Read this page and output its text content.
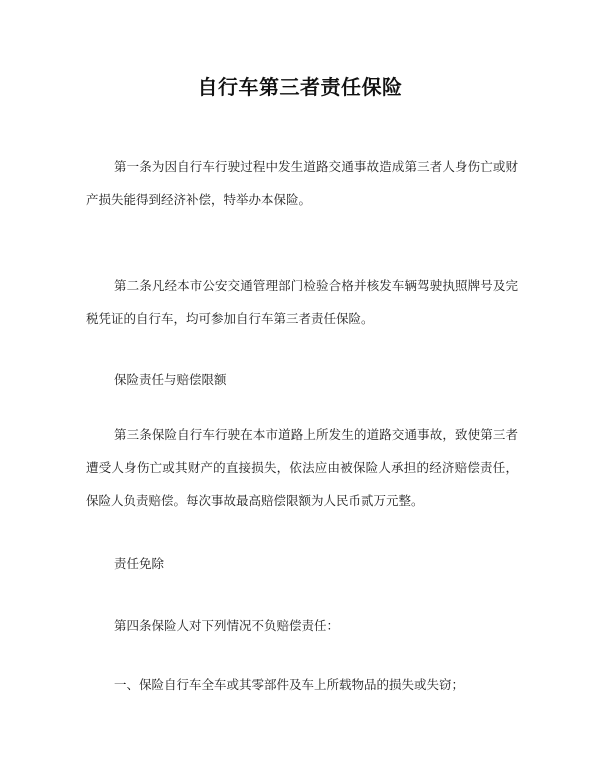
自行车第三者责任保险

第一条为因自行车行驶过程中发生道路交通事故造成第三者人身伤亡或财产损失能得到经济补偿，特举办本保险。

第二条凡经本市公安交通管理部门检验合格并核发车辆驾驶执照牌号及完税凭证的自行车，均可参加自行车第三者责任保险。

保险责任与赔偿限额

第三条保险自行车行驶在本市道路上所发生的道路交通事故，致使第三者遭受人身伤亡或其财产的直接损失，依法应由被保险人承担的经济赔偿责任，保险人负责赔偿。每次事故最高赔偿限额为人民币贰万元整。

责任免除

第四条保险人对下列情况不负赔偿责任：

一、保险自行车全车或其零部件及车上所载物品的损失或失窃；
